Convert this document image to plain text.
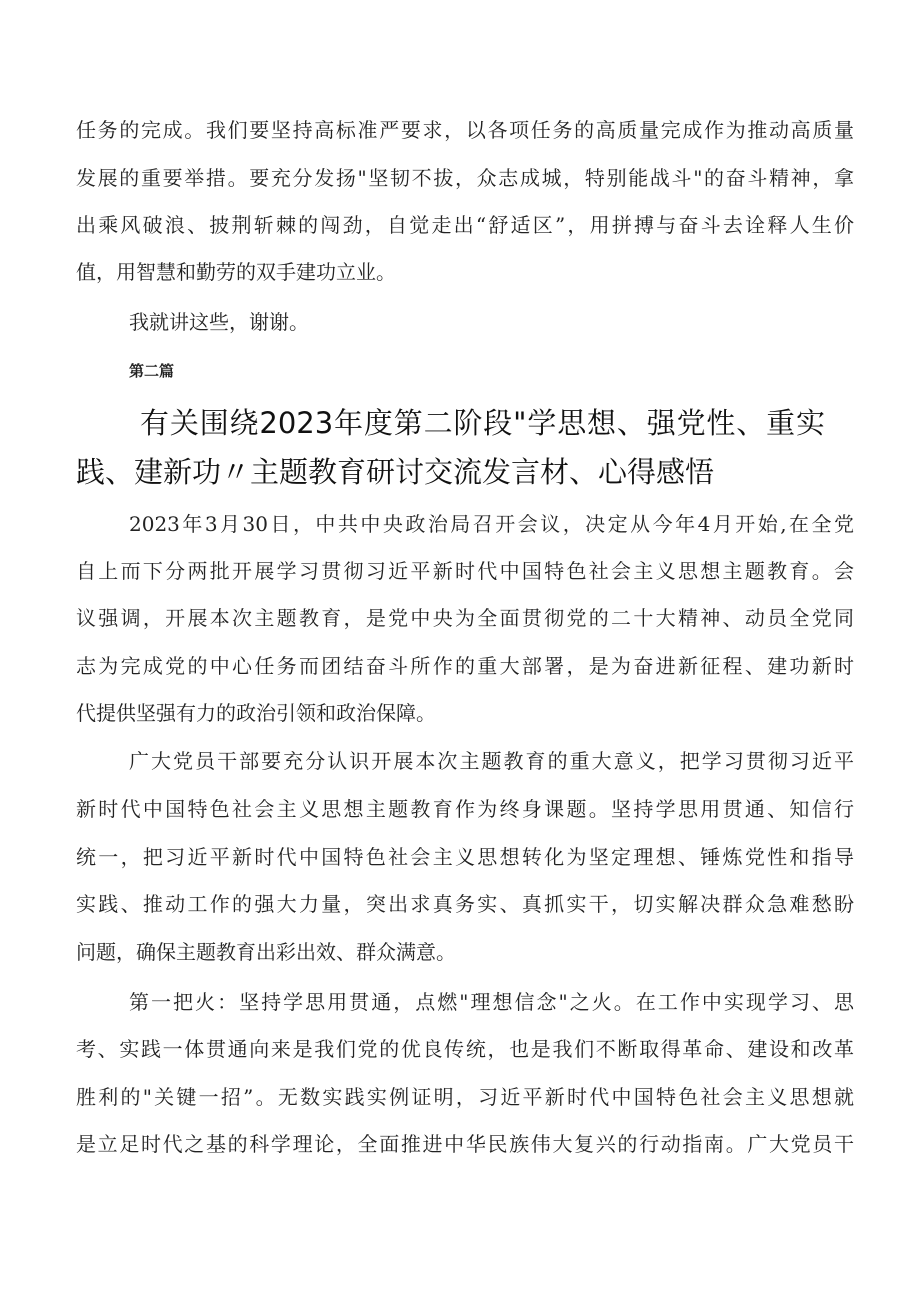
任务的完成。我们要坚持高标准严要求，以各项任务的高质量完成作为推动高质量
发展的重要举措。要充分发扬"坚韧不拔，众志成城，特别能战斗"的奋斗精神，拿
出乘风破浪、披荆斩棘的闯劲，自觉走出“舒适区”，用拼搏与奋斗去诠释人生价
值，用智慧和勤劳的双手建功立业。
我就讲这些，谢谢。
第二篇
有关围绕2023年度第二阶段"学思想、强党性、重实
践、建新功〃主题教育研讨交流发言材、心得感悟
2023年3月30日，中共中央政治局召开会议，决定从今年4月开始,在全党
自上而下分两批开展学习贯彻习近平新时代中国特色社会主义思想主题教育。会
议强调，开展本次主题教育，是党中央为全面贯彻党的二十大精神、动员全党同
志为完成党的中心任务而团结奋斗所作的重大部署，是为奋进新征程、建功新时
代提供坚强有力的政治引领和政治保障。
广大党员干部要充分认识开展本次主题教育的重大意义，把学习贯彻习近平
新时代中国特色社会主义思想主题教育作为终身课题。坚持学思用贯通、知信行
统一，把习近平新时代中国特色社会主义思想转化为坚定理想、锤炼党性和指导
实践、推动工作的强大力量，突出求真务实、真抓实干，切实解决群众急难愁盼
问题，确保主题教育出彩出效、群众满意。
第一把火：坚持学思用贯通，点燃"理想信念"之火。在工作中实现学习、思
考、实践一体贯通向来是我们党的优良传统，也是我们不断取得革命、建设和改革
胜利的"关键一招”。无数实践实例证明，习近平新时代中国特色社会主义思想就
是立足时代之基的科学理论，全面推进中华民族伟大复兴的行动指南。广大党员干
